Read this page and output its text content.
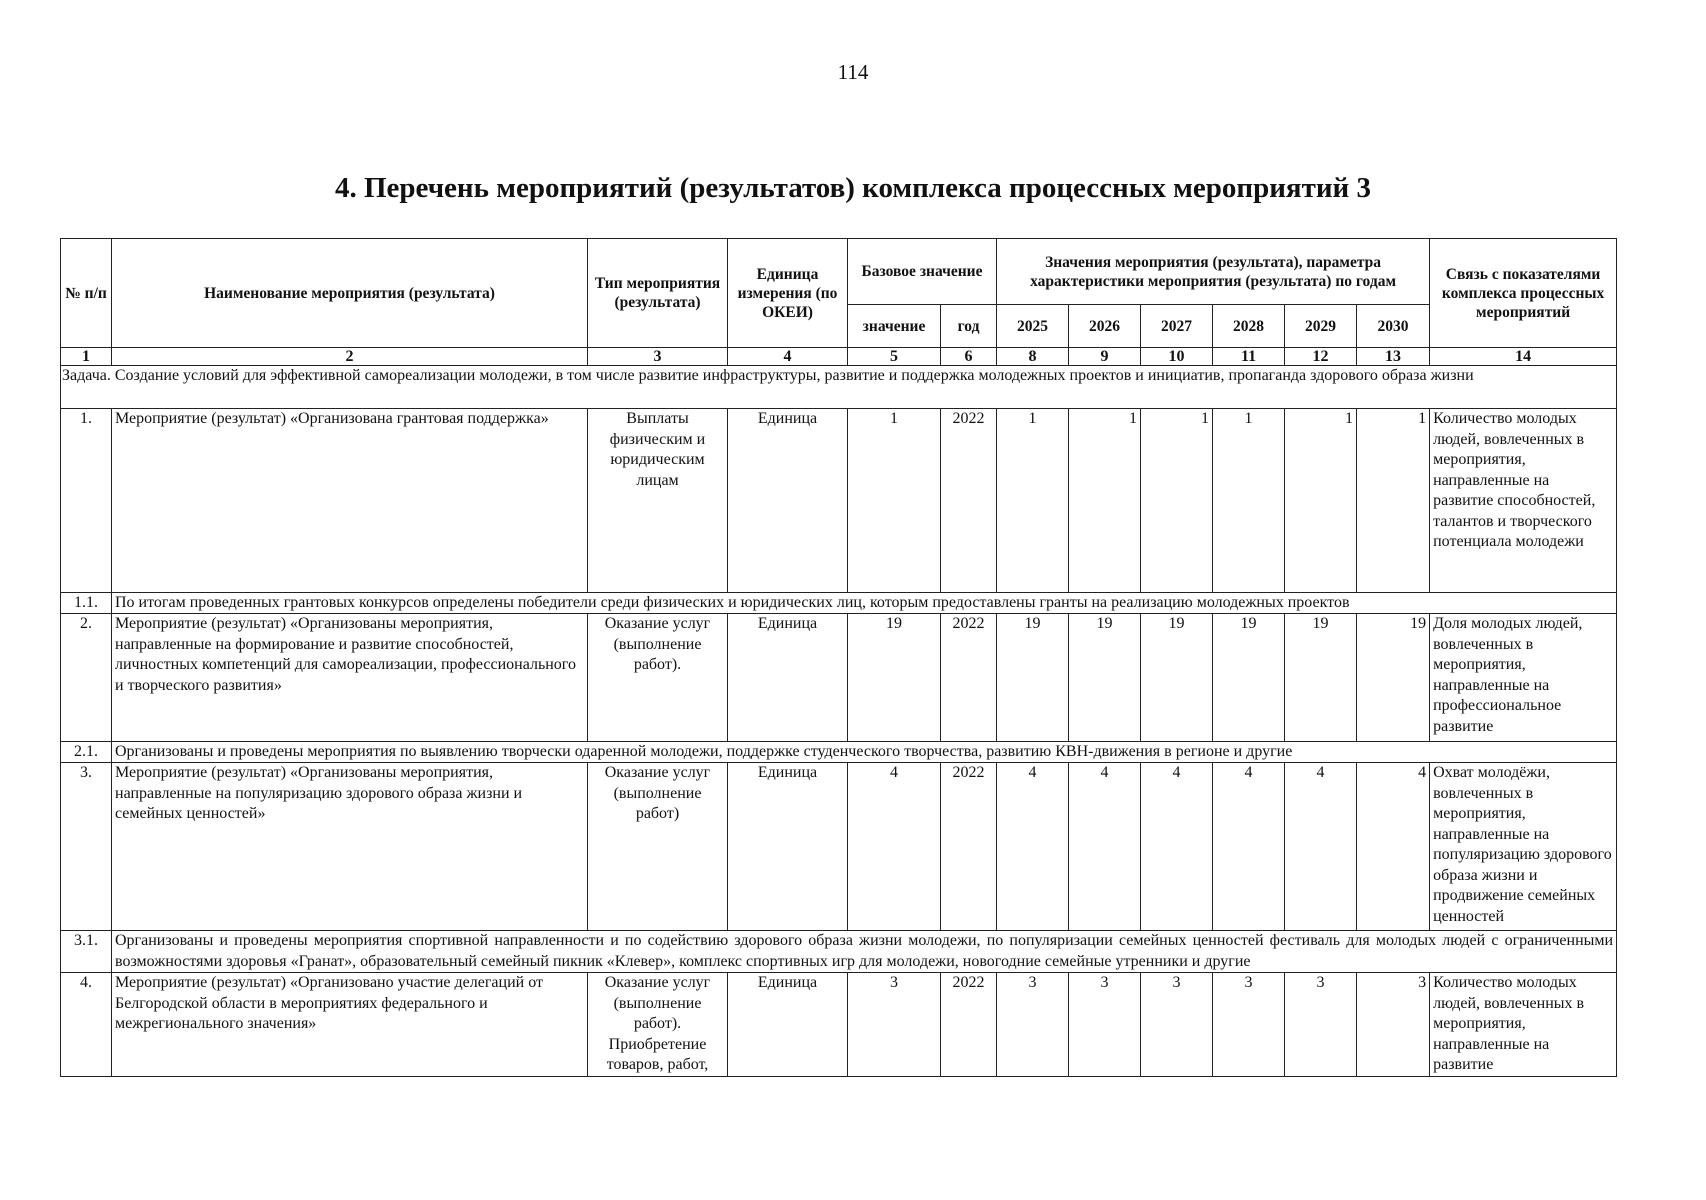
114
4. Перечень мероприятий (результатов) комплекса процессных мероприятий 3
№ п/п	Наименование мероприятия (результата)	Тип мероприятия (результата)	Единица измерения (по ОКЕИ)	Базовое значение		Значения мероприятия (результата), параметра характеристики мероприятия (результата) по годам						Связь с показателями комплекса процессных мероприятий
				значение	год	2025	2026	2027	2028	2029	2030	
1	2	3	4	5	6	8	9	10	11	12	13	14
Задача. Создание условий для эффективной самореализации молодежи, в том числе развитие инфраструктуры, развитие и поддержка молодежных проектов и инициатив, пропаганда здорового образа жизни												
1.	Мероприятие (результат) «Организована грантовая поддержка»	Выплаты физическим и юридическим лицам	Единица	1	2022	1	1	1	1	1	1	Количество молодых людей, вовлеченных в мероприятия, направленные на развитие способностей, талантов и творческого потенциала молодежи
1.1.	По итогам проведенных грантовых конкурсов определены победители среди физических и юридических лиц, которым предоставлены гранты на реализацию молодежных проектов											
2.	Мероприятие (результат) «Организованы мероприятия, направленные на формирование и развитие способностей, личностных компетенций для самореализации, профессионального и творческого развития»	Оказание услуг (выполнение работ).	Единица	19	2022	19	19	19	19	19	19	Доля молодых людей, вовлеченных в мероприятия, направленные на профессиональное развитие
2.1.	Организованы и проведены мероприятия по выявлению творчески одаренной молодежи, поддержке студенческого творчества, развитию КВН-движения в регионе и другие											
3.	Мероприятие (результат) «Организованы мероприятия, направленные на популяризацию здорового образа жизни и семейных ценностей»	Оказание услуг (выполнение работ)	Единица	4	2022	4	4	4	4	4	4	Охват молодёжи, вовлеченных в мероприятия, направленные на популяризацию здорового образа жизни и продвижение семейных ценностей
3.1.	Организованы и проведены мероприятия спортивной направленности и по содействию здорового образа жизни молодежи, по популяризации семейных ценностей фестиваль для молодых людей с ограниченными возможностями здоровья «Гранат», образовательный семейный пикник «Клевер», комплекс спортивных игр для молодежи, новогодние семейные утренники и другие											
4.	Мероприятие (результат) «Организовано участие делегаций от Белгородской области в мероприятиях федерального и межрегионального значения»	Оказание услуг (выполнение работ). Приобретение товаров, работ,	Единица	3	2022	3	3	3	3	3	3	Количество молодых людей, вовлеченных в мероприятия, направленные на развитие
